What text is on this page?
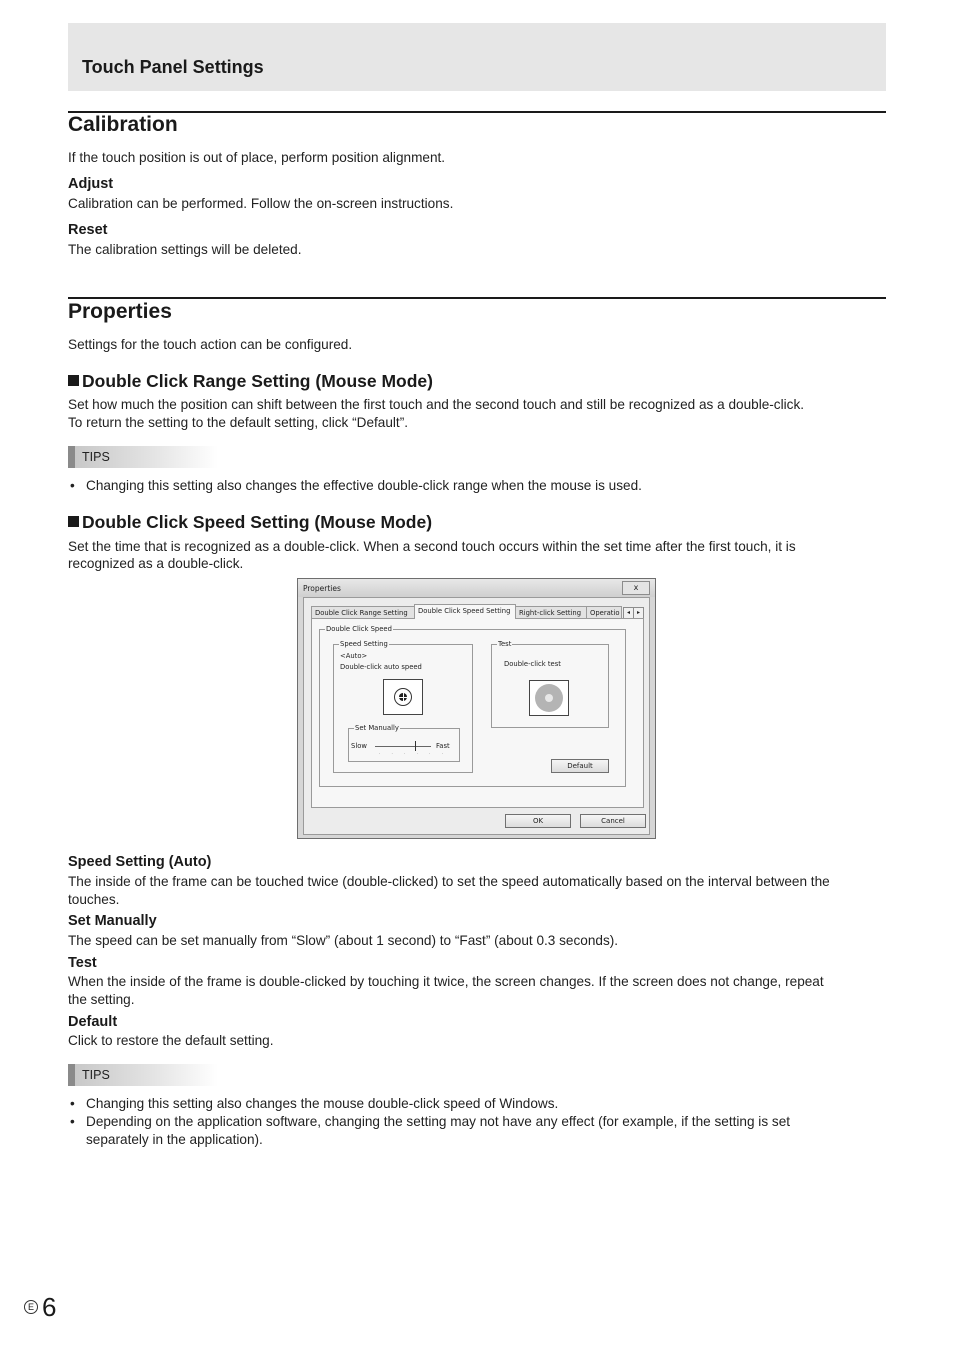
Touch Panel Settings
Calibration
If the touch position is out of place, perform position alignment.
Adjust
Calibration can be performed. Follow the on-screen instructions.
Reset
The calibration settings will be deleted.
Properties
Settings for the touch action can be configured.
Double Click Range Setting (Mouse Mode)
Set how much the position can shift between the first touch and the second touch and still be recognized as a double-click.
To return the setting to the default setting, click “Default”.
TIPS
• Changing this setting also changes the effective double-click range when the mouse is used.
Double Click Speed Setting (Mouse Mode)
Set the time that is recognized as a double-click. When a second touch occurs within the set time after the first touch, it is
recognized as a double-click.
Properties	x
Double Click Range Setting	Double Click Speed Setting	Right-click Setting	Operatio	◂	▸
Double Click Speed
Speed Setting
<Auto>
Double-click auto speed
Set Manually
Slow
· · · · · ·
Fast
Test
Double-click test
Default
OK	Cancel
Speed Setting (Auto)
The inside of the frame can be touched twice (double-clicked) to set the speed automatically based on the interval between the
touches.
Set Manually
The speed can be set manually from “Slow” (about 1 second) to “Fast” (about 0.3 seconds).
Test
When the inside of the frame is double-clicked by touching it twice, the screen changes. If the screen does not change, repeat
the setting.
Default
Click to restore the default setting.
TIPS
• Changing this setting also changes the mouse double-click speed of Windows.
• Depending on the application software, changing the setting may not have any effect (for example, if the setting is set
separately in the application).
E 6
